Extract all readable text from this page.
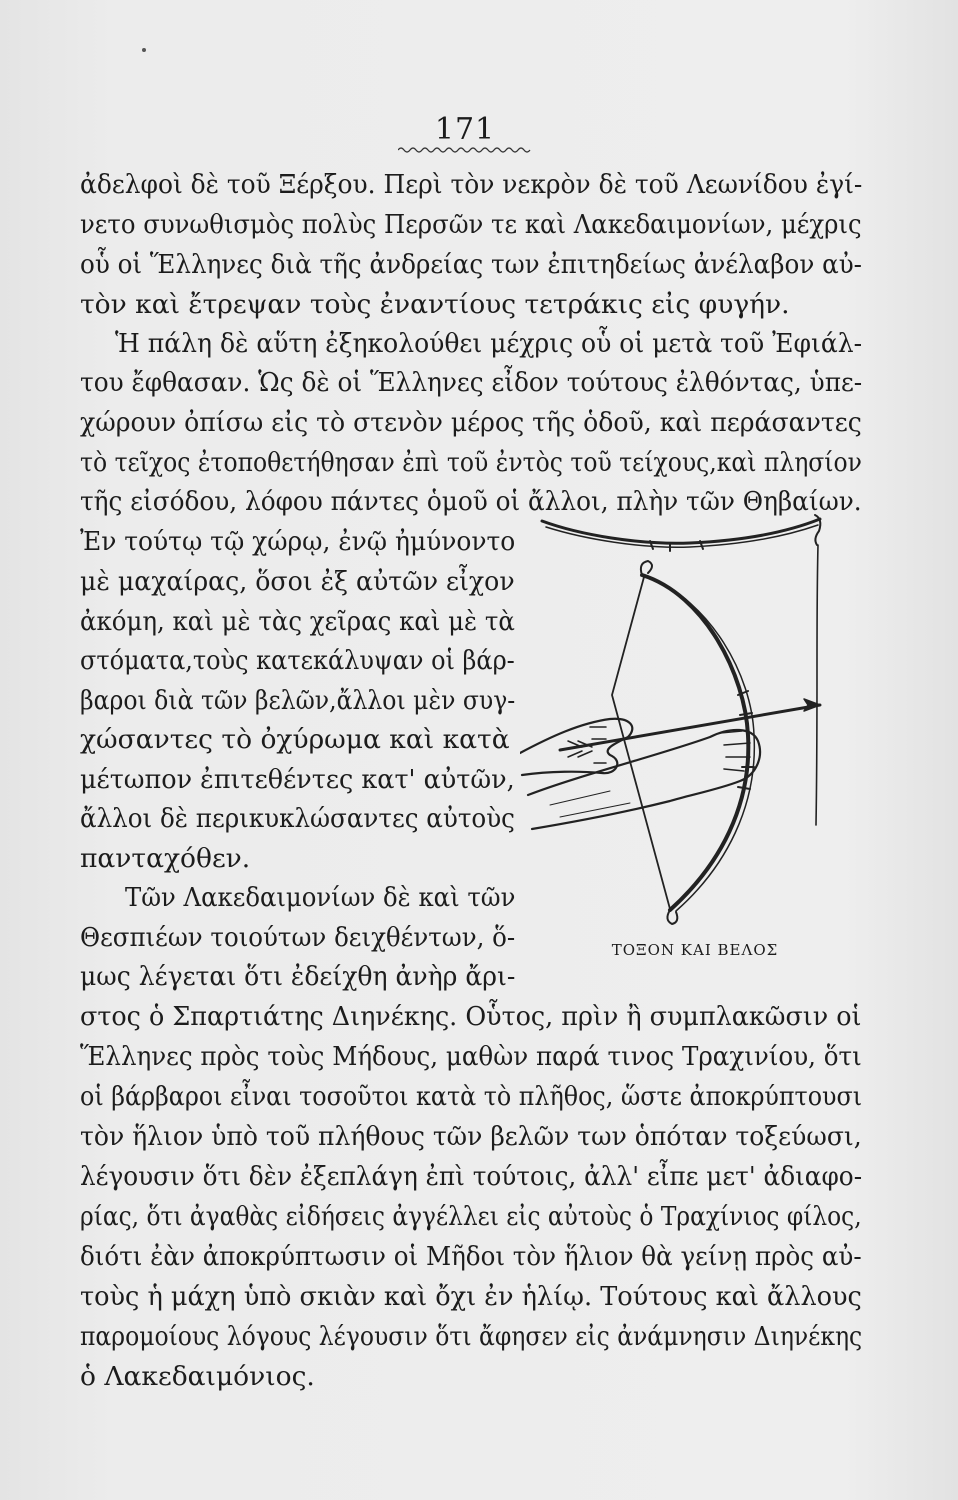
171
ἀδελφοὶ δὲ τοῦ Ξέρξου. Περὶ τὸν νεκρὸν δὲ τοῦ Λεωνίδου ἐγί-
νετο συνωθισμὸς πολὺς Περσῶν τε καὶ Λακεδαιμονίων, μέχρις
οὗ οἱ Ἕλληνες διὰ τῆς ἀνδρείας των ἐπιτηδείως ἀνέλαβον αὐ-
τὸν καὶ ἔτρεψαν τοὺς ἐναντίους τετράκις εἰς φυγήν.
Ἡ πάλη δὲ αὕτη ἐξηκολούθει μέχρις οὗ οἱ μετὰ τοῦ Ἐφιάλ-
του ἔφθασαν. Ὡς δὲ οἱ Ἕλληνες εἶδον τούτους ἐλθόντας, ὑπε-
χώρουν ὀπίσω εἰς τὸ στενὸν μέρος τῆς ὁδοῦ, καὶ περάσαντες
τὸ τεῖχος ἐτοποθετήθησαν ἐπὶ τοῦ ἐντὸς τοῦ τείχους,καὶ πλησίον
τῆς εἰσόδου, λόφου πάντες ὁμοῦ οἱ ἄλλοι, πλὴν τῶν Θηβαίων.
Ἐν τούτῳ τῷ χώρῳ, ἐνῷ ἠμύνοντο
μὲ μαχαίρας, ὅσοι ἐξ αὐτῶν εἶχον
ἀκόμη, καὶ μὲ τὰς χεῖρας καὶ μὲ τὰ
στόματα,τοὺς κατεκάλυψαν οἱ βάρ-
βαροι διὰ τῶν βελῶν,ἄλλοι μὲν συγ-
χώσαντες τὸ ὀχύρωμα καὶ κατὰ
μέτωπον ἐπιτεθέντες κατ' αὐτῶν,
ἄλλοι δὲ περικυκλώσαντες αὐτοὺς
πανταχόθεν.
Τῶν Λακεδαιμονίων δὲ καὶ τῶν
Θεσπιέων τοιούτων δειχθέντων, ὅ-
μως λέγεται ὅτι ἐδείχθη ἀνὴρ ἄρι-
στος ὁ Σπαρτιάτης Διηνέκης. Οὗτος, πρὶν ἢ συμπλακῶσιν οἱ
Ἕλληνες πρὸς τοὺς Μήδους, μαθὼν παρά τινος Τραχινίου, ὅτι
οἱ βάρβαροι εἶναι τοσοῦτοι κατὰ τὸ πλῆθος, ὥστε ἀποκρύπτουσι
τὸν ἥλιον ὑπὸ τοῦ πλήθους τῶν βελῶν των ὁπόταν τοξεύωσι,
λέγουσιν ὅτι δὲν ἐξεπλάγη ἐπὶ τούτοις, ἀλλ' εἶπε μετ' ἀδιαφο-
ρίας, ὅτι ἀγαθὰς εἰδήσεις ἀγγέλλει εἰς αὐτοὺς ὁ Τραχίνιος φίλος,
διότι ἐὰν ἀποκρύπτωσιν οἱ Μῆδοι τὸν ἥλιον θὰ γείνῃ πρὸς αὐ-
τοὺς ἡ μάχη ὑπὸ σκιὰν καὶ ὄχι ἐν ἡλίῳ. Τούτους καὶ ἄλλους
παρομοίους λόγους λέγουσιν ὅτι ἄφησεν εἰς ἀνάμνησιν Διηνέκης
ὁ Λακεδαιμόνιος.
ΤΟΞΟΝ ΚΑΙ ΒΕΛΟΣ
